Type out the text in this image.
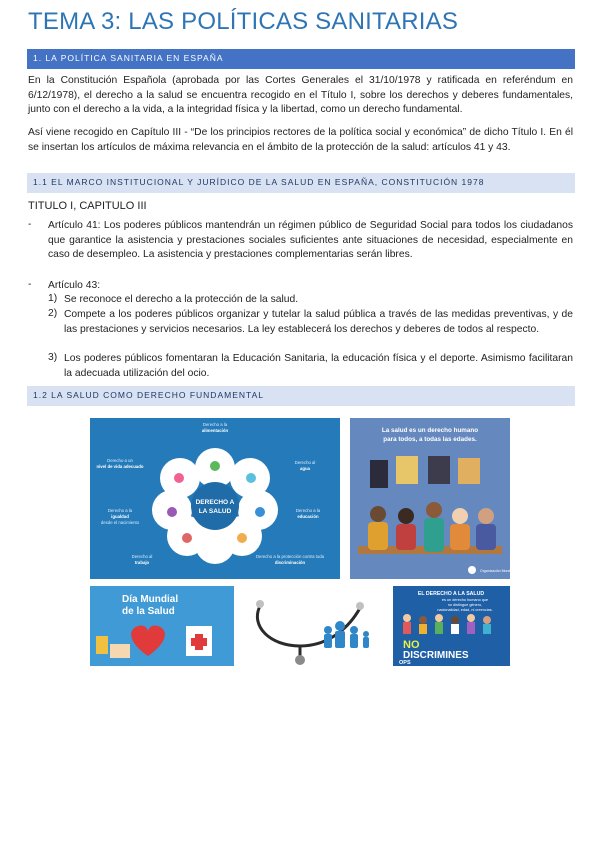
TEMA 3: LAS POLÍTICAS SANITARIAS
1. LA POLÍTICA SANITARIA EN ESPAÑA
En la Constitución Española (aprobada por las Cortes Generales el 31/10/1978 y ratificada en referéndum en 6/12/1978), el derecho a la salud se encuentra recogido en el Título I, sobre los derechos y deberes fundamentales, junto con el derecho a la vida, a la integridad física y la libertad, como un derecho fundamental.
Así viene recogido en Capítulo III - “De los principios rectores de la política social y económica” de dicho Título I. En él se insertan los artículos de máxima relevancia en el ámbito de la protección de la salud: artículos 41 y 43.
1.1 EL MARCO INSTITUCIONAL Y JURÍDICO DE LA SALUD EN ESPAÑA, CONSTITUCIÓN 1978
TITULO I, CAPITULO III
- Artículo 41: Los poderes públicos mantendrán un régimen público de Seguridad Social para todos los ciudadanos que garantice la asistencia y prestaciones sociales suficientes ante situaciones de necesidad, especialmente en caso de desempleo. La asistencia y prestaciones complementarias serán libres.
- Artículo 43:
1) Se reconoce el derecho a la protección de la salud.
2) Compete a los poderes públicos organizar y tutelar la salud pública a través de las medidas preventivas, y de las prestaciones y servicios necesarios. La ley establecerá los derechos y deberes de todos al respecto.
3) Los poderes públicos fomentaran la Educación Sanitaria, la educación física y el deporte. Asimismo facilitaran la adecuada utilización del ocio.
1.2 LA SALUD COMO DERECHO FUNDAMENTAL
DERECHO A
LA SALUD
Derecho a la
alimentación
Derecho a un
nivel de vida adecuado
Derecho al
agua
Derecho a la
igualdad
desde el nacimiento
Derecho a la
educación
Derecho al
trabajo
Derecho a la protección contra toda
discriminación
La salud es un derecho humano
para todos, a todas las edades.
Organización Mundial de la Salud
Día Mundial
de la Salud
EL DERECHO A LA SALUD
es un derecho humano que
no distingue género,
nacionalidad, edad, ni creencias.
NO
DISCRIMINES
OPS
